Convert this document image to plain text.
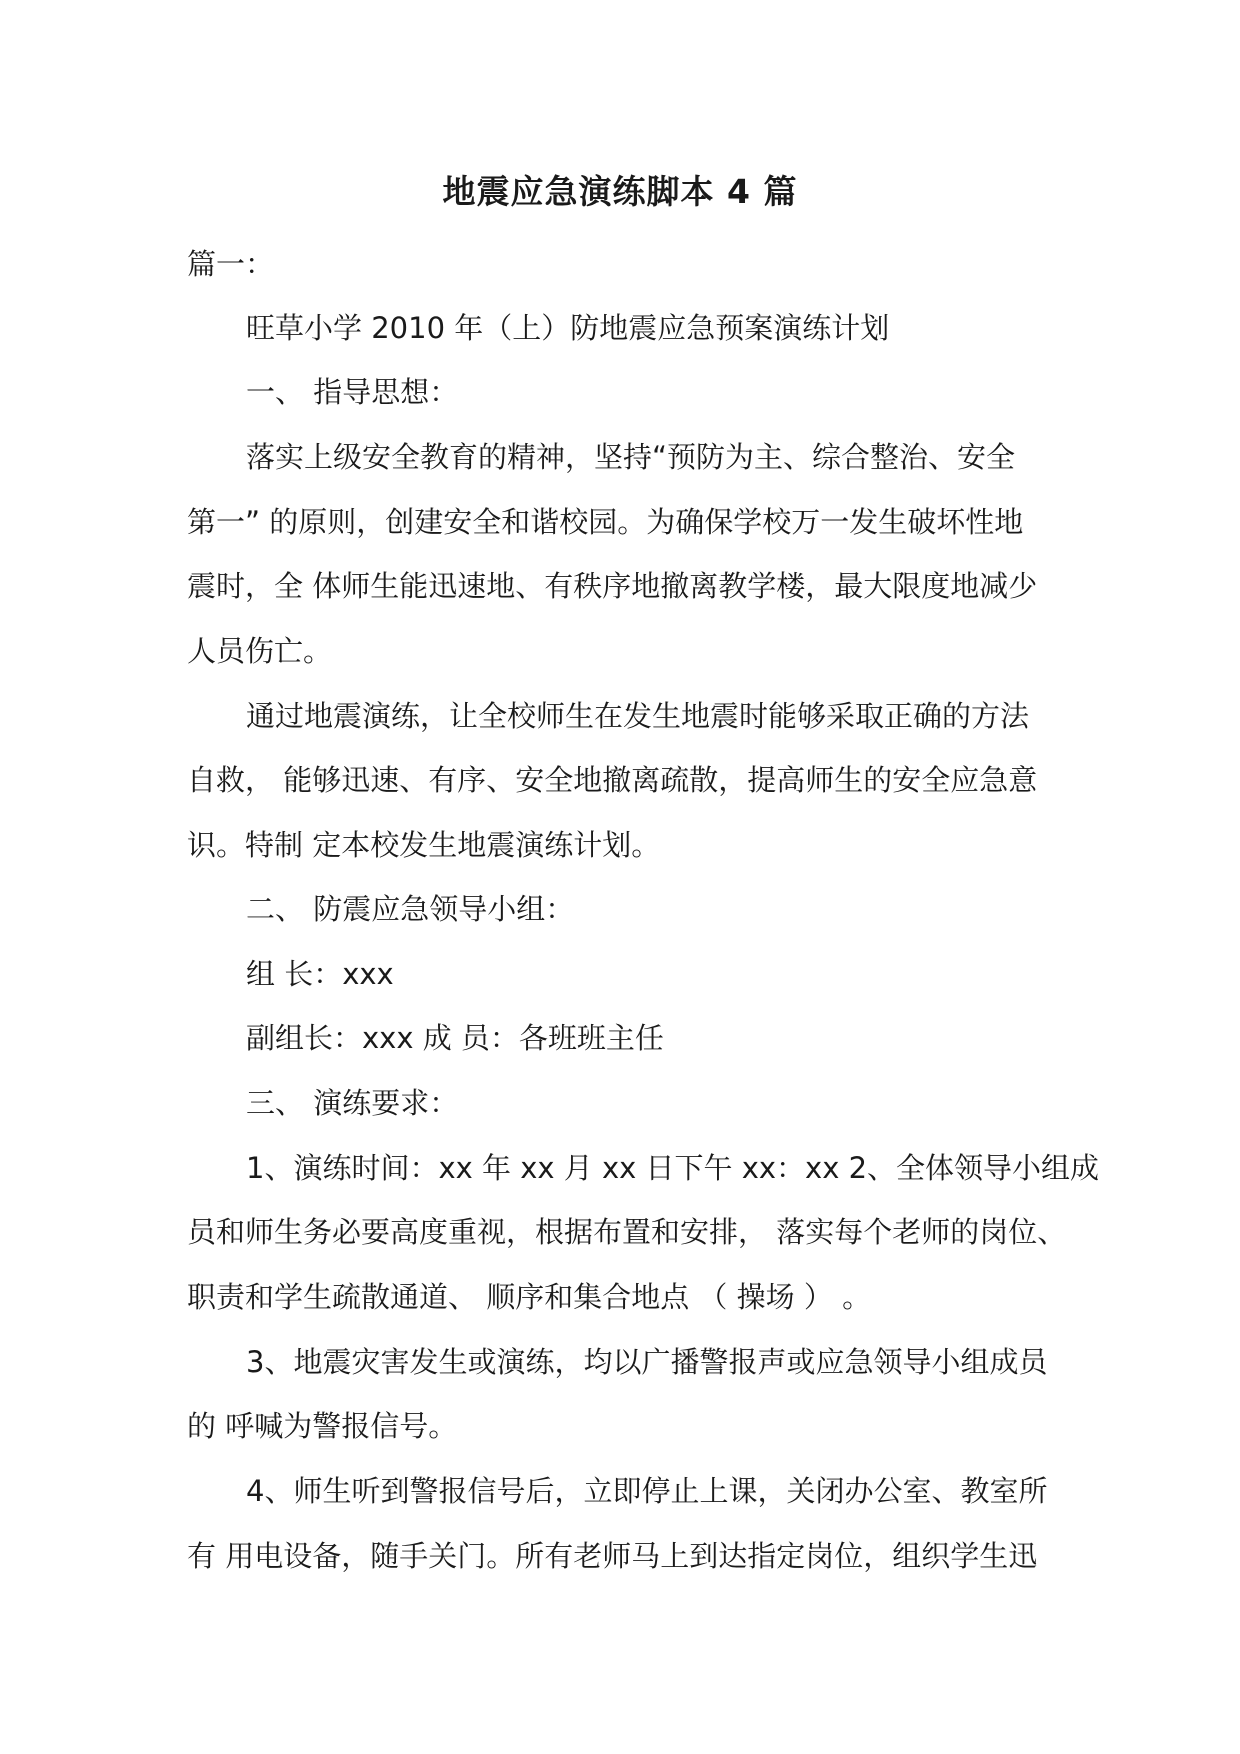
地震应急演练脚本 4 篇
篇一：
旺草小学 2010 年（上）防地震应急预案演练计划
一、 指导思想：
落实上级安全教育的精神，坚持“预防为主、综合整治、安全
第一” 的原则，创建安全和谐校园。为确保学校万一发生破坏性地
震时，全 体师生能迅速地、有秩序地撤离教学楼，最大限度地减少
人员伤亡。
通过地震演练，让全校师生在发生地震时能够采取正确的方法
自救， 能够迅速、有序、安全地撤离疏散，提高师生的安全应急意
识。特制 定本校发生地震演练计划。
二、 防震应急领导小组：
组 长：xxx
副组长：xxx 成 员：各班班主任
三、 演练要求：
1、演练时间：xx 年 xx 月 xx 日下午 xx：xx 2、全体领导小组成
员和师生务必要高度重视，根据布置和安排， 落实每个老师的岗位、
职责和学生疏散通道、 顺序和集合地点 （ 操场 ） 。
3、地震灾害发生或演练，均以广播警报声或应急领导小组成员
的 呼喊为警报信号。
4、师生听到警报信号后，立即停止上课，关闭办公室、教室所
有 用电设备，随手关门。所有老师马上到达指定岗位，组织学生迅
